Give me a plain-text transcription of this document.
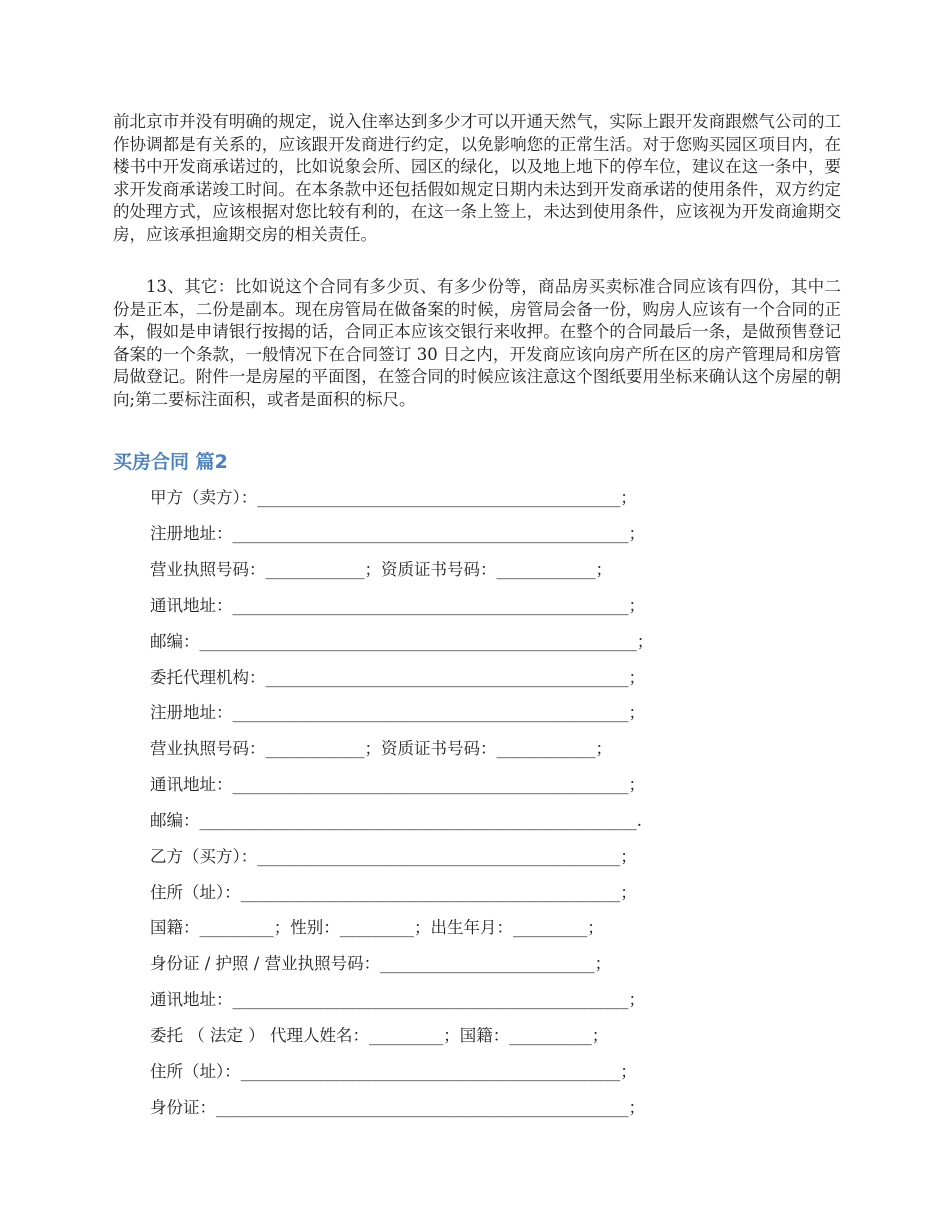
前北京市并没有明确的规定，说入住率达到多少才可以开通天然气，实际上跟开发商跟燃气公司的工作协调都是有关系的，应该跟开发商进行约定，以免影响您的正常生活。对于您购买园区项目内，在楼书中开发商承诺过的，比如说象会所、园区的绿化，以及地上地下的停车位，建议在这一条中，要求开发商承诺竣工时间。在本条款中还包括假如规定日期内未达到开发商承诺的使用条件，双方约定的处理方式，应该根据对您比较有利的，在这一条上签上，未达到使用条件，应该视为开发商逾期交房，应该承担逾期交房的相关责任。

13、其它：比如说这个合同有多少页、有多少份等，商品房买卖标准合同应该有四份，其中二份是正本，二份是副本。现在房管局在做备案的时候，房管局会备一份，购房人应该有一个合同的正本，假如是申请银行按揭的话，合同正本应该交银行来收押。在整个的合同最后一条，是做预售登记备案的一个条款，一般情况下在合同签订 30 日之内，开发商应该向房产所在区的房产管理局和房管局做登记。附件一是房屋的平面图，在签合同的时候应该注意这个图纸要用坐标来确认这个房屋的朝向;第二要标注面积，或者是面积的标尺。

买房合同 篇2
甲方（卖方）：____________________________________________；
注册地址：________________________________________________；
营业执照号码：____________；资质证书号码：____________；
通讯地址：________________________________________________；
邮编：_____________________________________________________；
委托代理机构：____________________________________________；
注册地址：________________________________________________；
营业执照号码：____________；资质证书号码：____________；
通讯地址：________________________________________________；
邮编：_____________________________________________________.
乙方（买方）：____________________________________________；
住所（址）：______________________________________________；
国籍：_________；性别：_________；出生年月：_________；
身份证 / 护照 / 营业执照号码：__________________________；
通讯地址：________________________________________________；
委托 （ 法定 ） 代理人姓名：_________；国籍：__________；
住所（址）：______________________________________________；
身份证：__________________________________________________；
